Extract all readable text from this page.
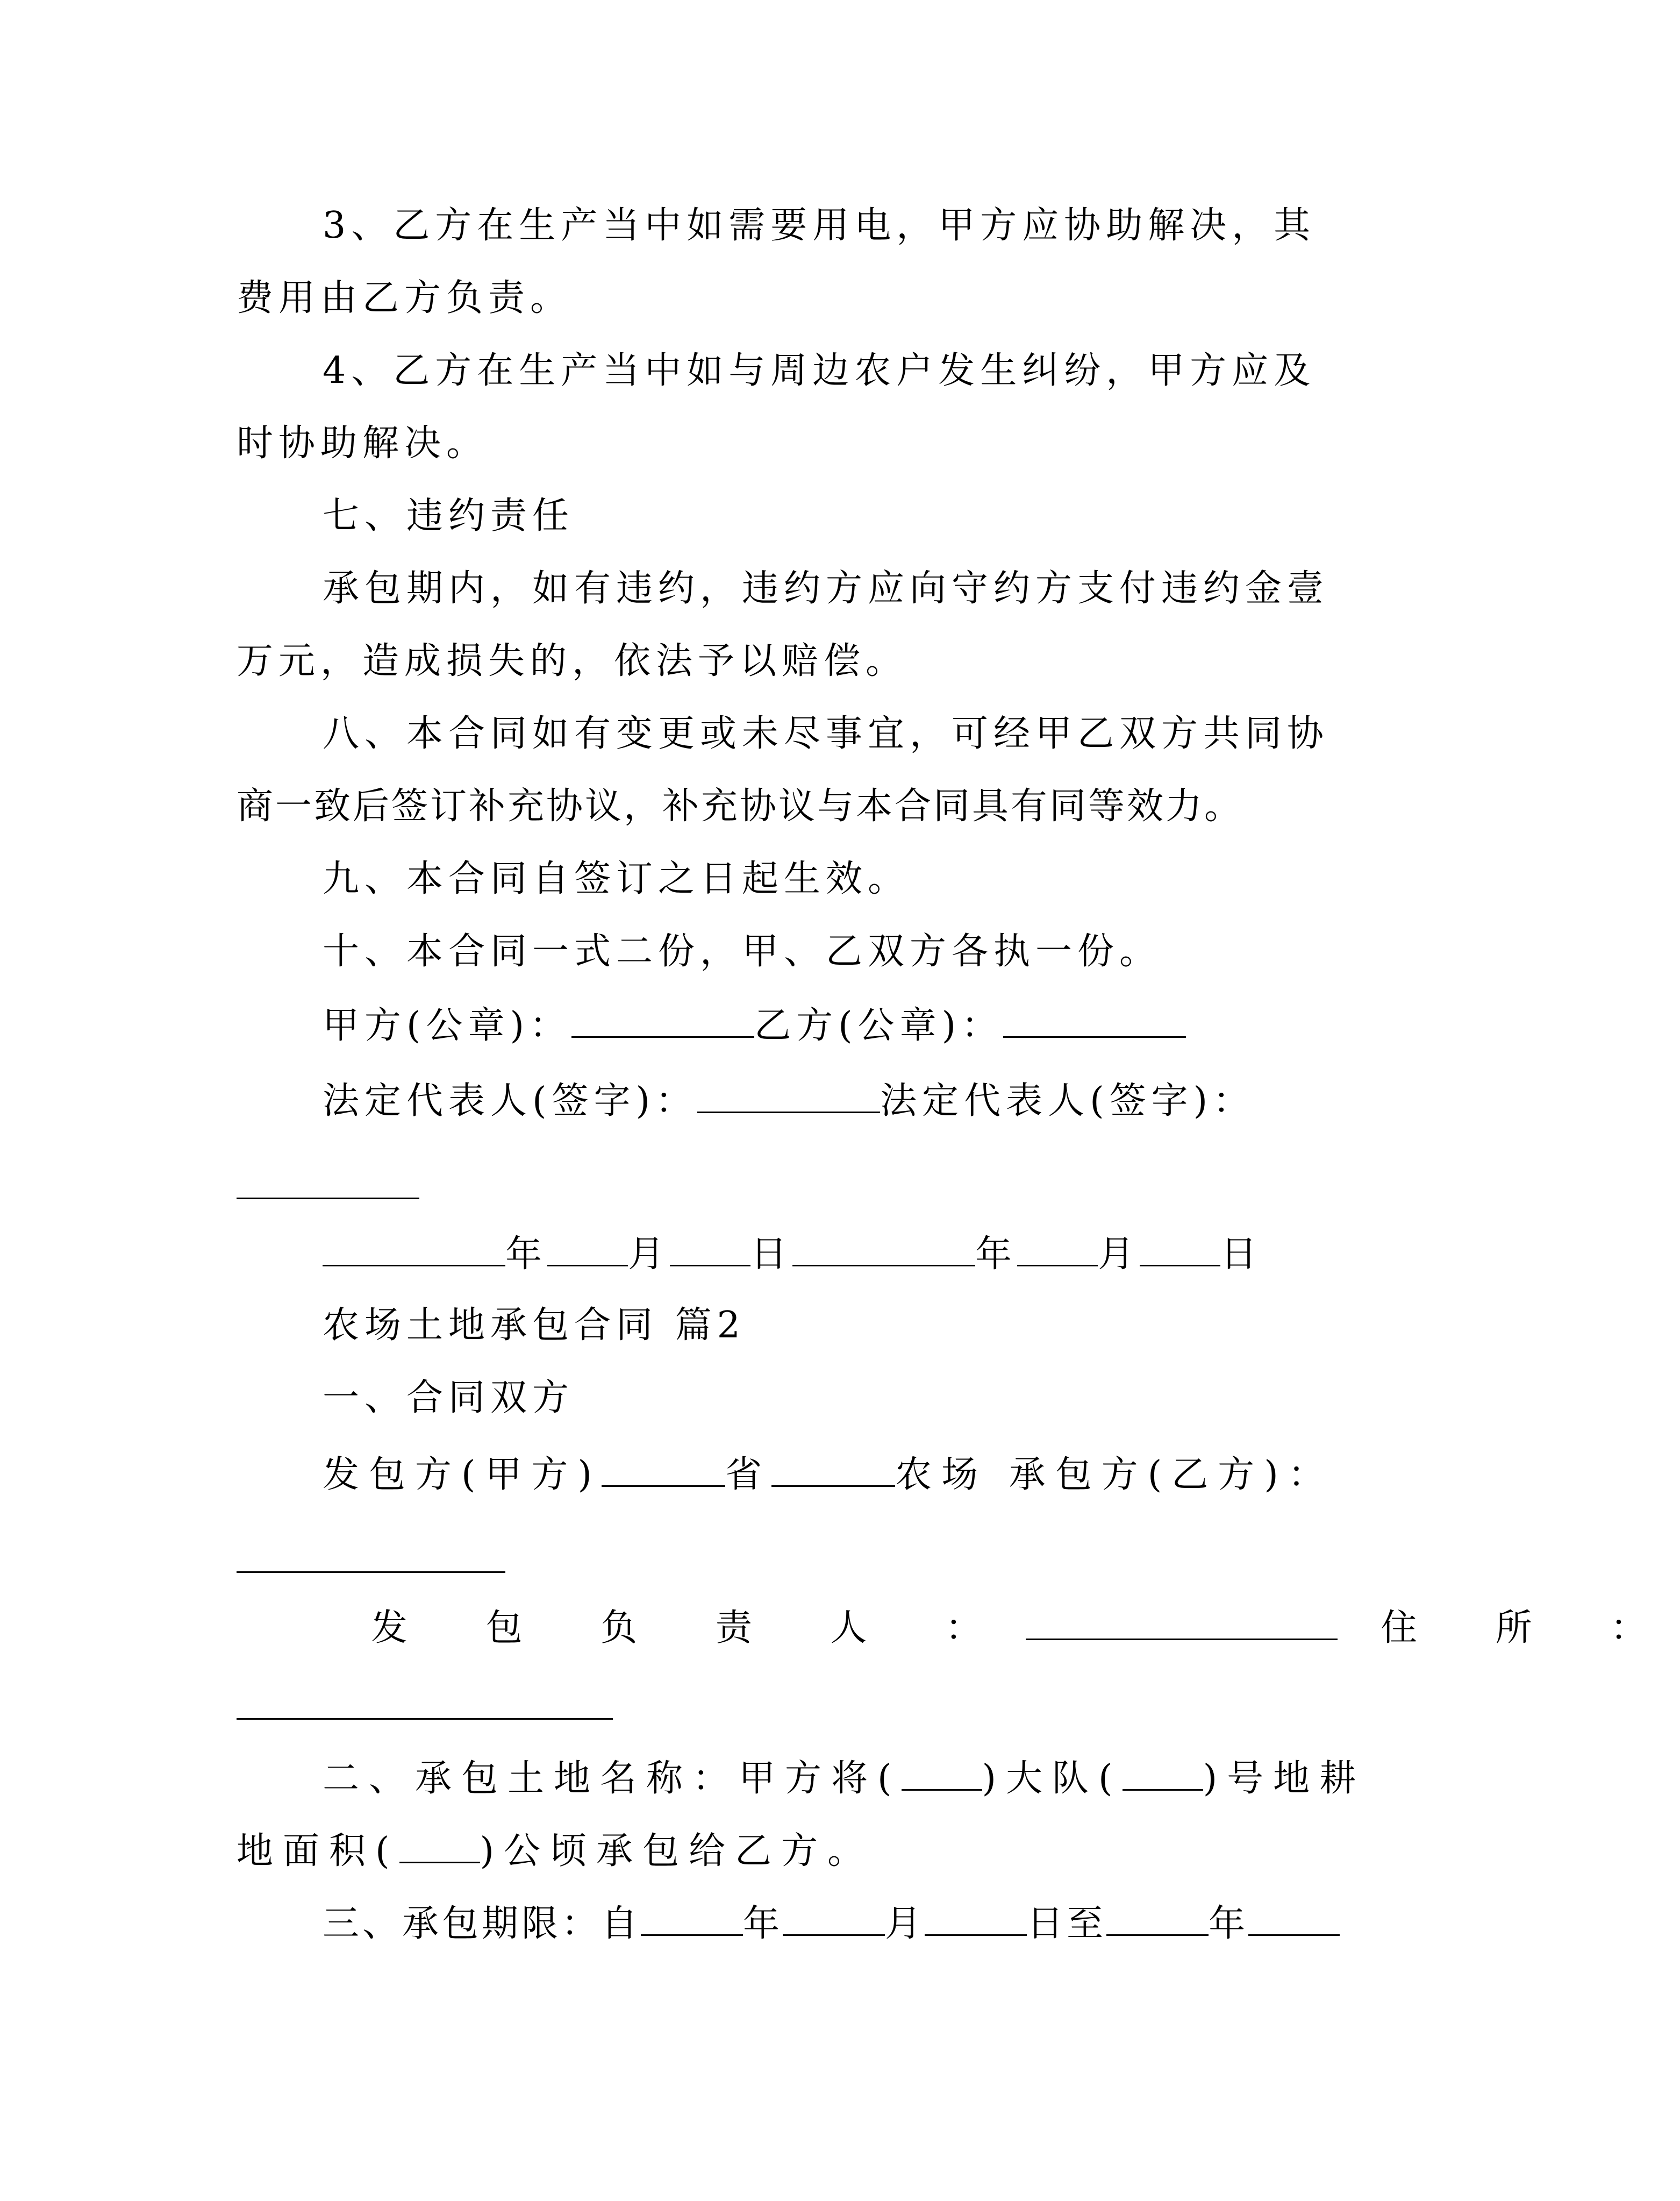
3、乙方在生产当中如需要用电，甲方应协助解决，其
费用由乙方负责。
4、乙方在生产当中如与周边农户发生纠纷，甲方应及
时协助解决。
七、违约责任
承包期内，如有违约，违约方应向守约方支付违约金壹
万元，造成损失的，依法予以赔偿。
八、本合同如有变更或未尽事宜，可经甲乙双方共同协
商一致后签订补充协议，补充协议与本合同具有同等效力。
九、本合同自签订之日起生效。
十、本合同一式二份，甲、乙双方各执一份。
甲方(公章)：	乙方(公章)：
法定代表人(签字)：	法定代表人(签字)：
年 月 日	年 月 日
农场土地承包合同 篇2
一、合同双方
发包方(甲方)	省	农场 承包方(乙方)：
发 包 负 责 人 ：	住 所 ：
二、承包土地名称：甲方将( )大队( )号地耕
地面积( )公顷承包给乙方。
三、承包期限：自	年	月	日至	年
